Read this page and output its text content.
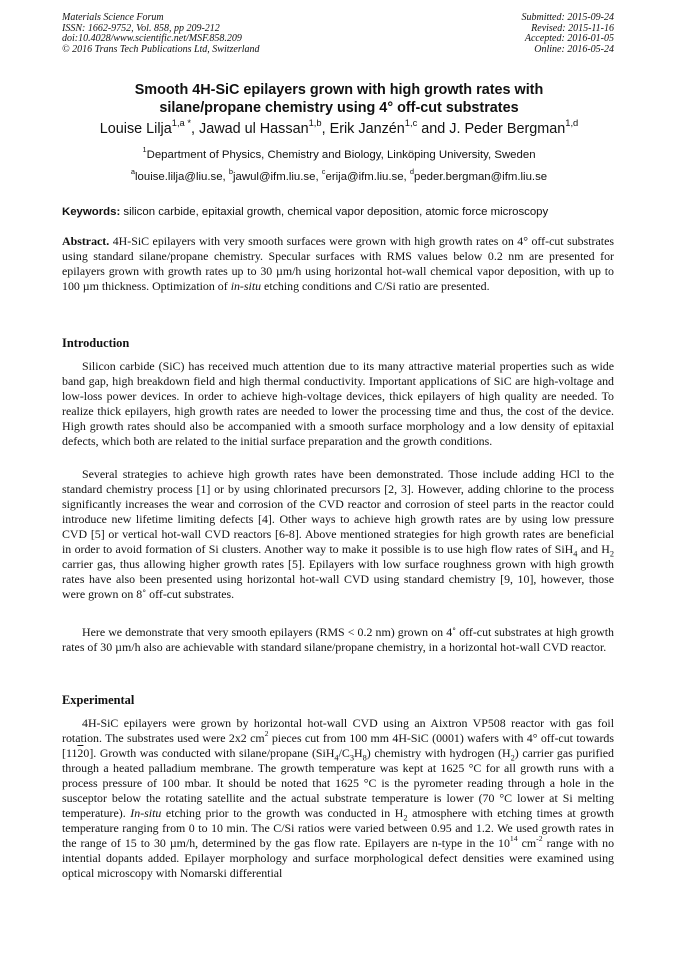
Materials Science Forum
ISSN: 1662-9752, Vol. 858, pp 209-212
doi:10.4028/www.scientific.net/MSF.858.209
© 2016 Trans Tech Publications Ltd, Switzerland
Submitted: 2015-09-24
Revised: 2015-11-16
Accepted: 2016-01-05
Online: 2016-05-24
Smooth 4H-SiC epilayers grown with high growth rates with
silane/propane chemistry using 4° off-cut substrates
Louise Lilja$^{1,a *}$, Jawad ul Hassan$^{1,b}$, Erik Janzén$^{1,c}$ and J. Peder Bergman$^{1,d}$
$^1$Department of Physics, Chemistry and Biology, Linköping University, Sweden
$^a$louise.lilja@liu.se, $^b$jawul@ifm.liu.se, $^c$erija@ifm.liu.se, $^d$peder.bergman@ifm.liu.se
Keywords: silicon carbide, epitaxial growth, chemical vapor deposition, atomic force microscopy
Abstract. 4H-SiC epilayers with very smooth surfaces were grown with high growth rates on 4° off-cut substrates using standard silane/propane chemistry. Specular surfaces with RMS values below 0.2 nm are presented for epilayers grown with growth rates up to 30 µm/h using horizontal hot-wall chemical vapor deposition, with up to 100 µm thickness. Optimization of in-situ etching conditions and C/Si ratio are presented.
Introduction
Silicon carbide (SiC) has received much attention due to its many attractive material properties such as wide band gap, high breakdown field and high thermal conductivity. Important applications of SiC are high-voltage and low-loss power devices. In order to achieve high-voltage devices, thick epilayers of high quality are needed. To realize thick epilayers, high growth rates are needed to lower the processing time and thus, the cost of the device. High growth rates should also be accompanied with a smooth surface morphology and a low density of epitaxial defects, which both are related to the initial surface preparation and the growth conditions.
Several strategies to achieve high growth rates have been demonstrated. Those include adding HCl to the standard chemistry process [1] or by using chlorinated precursors [2, 3]. However, adding chlorine to the process significantly increases the wear and corrosion of the CVD reactor and corrosion of steel parts in the reactor could introduce new lifetime limiting defects [4]. Other ways to achieve high growth rates are by using low pressure CVD [5] or vertical hot-wall CVD reactors [6-8]. Above mentioned strategies for high growth rates are beneficial in order to avoid formation of Si clusters. Another way to make it possible is to use high flow rates of SiH$_4$ and $H_2$ carrier gas, thus allowing higher growth rates [5]. Epilayers with low surface roughness grown with high growth rates have also been presented using horizontal hot-wall CVD using standard chemistry [9, 10], however, those were grown on 8˚ off-cut substrates.
Here we demonstrate that very smooth epilayers (RMS < 0.2 nm) grown on 4˚ off-cut substrates at high growth rates of 30 µm/h also are achievable with standard silane/propane chemistry, in a horizontal hot-wall CVD reactor.
Experimental
4H-SiC epilayers were grown by horizontal hot-wall CVD using an Aixtron VP508 reactor with gas foil rotation. The substrates used were 2x2 $cm^2$ pieces cut from 100 mm 4H-SiC (0001) wafers with 4° off-cut towards [1120]. Growth was conducted with silane/propane $(SiH_4/C_3H_8)$ chemistry with hydrogen $(H_2)$ carrier gas purified through a heated palladium membrane. The growth temperature was kept at 1625 °C for all growth runs with a process pressure of 100 mbar. It should be noted that 1625 °C is the pyrometer reading through a hole in the susceptor below the rotating satellite and the actual substrate temperature is lower (70 °C lower at Si melting temperature). In-situ etching prior to the growth was conducted in $H_2$ atmosphere with etching times at growth temperature ranging from 0 to 10 min. The C/Si ratios were varied between 0.95 and 1.2. We used growth rates in the range of 15 to 30 µm/h, determined by the gas flow rate. Epilayers are n-type in the $10^{14}$ $cm^{-2}$ range with no intential dopants added. Epilayer morphology and surface morphological defect densities were examined using optical microscopy with Nomarski differential
